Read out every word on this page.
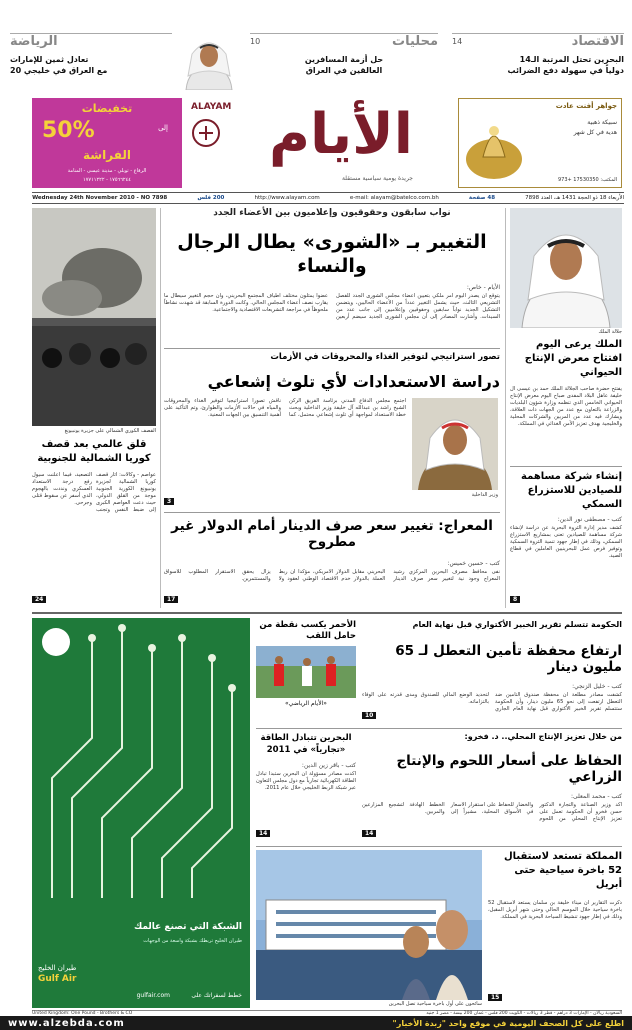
الاقتصاد
14
البحرين تحتل المرتبة الـ14
دولياً في سهولة دفع الضرائب
محليات
10
حل أزمة المسافرين
العالقين في العراق
الرياضة
تعادل ثمين للإمارات
مع العراق في خليجي 20
جواهر أفنت عادت
سبيكة ذهبية
هدية في كل شهر
المكتب: 17530350 +973
الأيام
ALAYAM
جريدة يومية سياسية مستقلة
تخفيضات
إلى
50%
الفراشة
الرفاع - توبلي - مدينة عيسى - المنامة
١٧٥٦٦٢٤٤ - ١٧٧١١٢٢٢
الأربعاء 18 ذو الحجة 1431 هـ، العدد 7898
48 صفحة
e-mail: alayam@batelco.com.bh
http://www.alayam.com
200 فلس
Wednesday 24th November 2010 - NO 7898
نواب سابقون وحقوقيون وإعلاميون بين الأعضاء الجدد
التغيير بـ «الشورى» يطال الرجال والنساء
الأيام - خاص:
يتوقع أن يصدر اليوم أمر ملكي بتعيين أعضاء مجلس الشورى الجدد للفصل التشريعي الثالث، حيث يشمل التغيير عدداً من الأعضاء الحاليين، ويتضمن التشكيل الجديد نواباً سابقين وحقوقيين وإعلاميين إلى جانب عدد من السيدات. وأشارت المصادر إلى أن مجلس الشورى الجديد سيضم أربعين عضواً يمثلون مختلف أطياف المجتمع البحريني، وأن حجم التغيير سيطال ما يقارب نصف أعضاء المجلس الحالي. وكانت الدورة السابقة قد شهدت نشاطاً ملحوظاً في مراجعة التشريعات الاقتصادية والاجتماعية.
جلالة الملك
الملك يرعى اليوم افتتاح معرض الإنتاج الحيواني
يفتتح حضرة صاحب الجلالة الملك حمد بن عيسى آل خليفة عاهل البلاد المفدى صباح اليوم معرض الإنتاج الحيواني الخامس الذي تنظمه وزارة شؤون البلديات والزراعة بالتعاون مع عدد من الجهات ذات العلاقة، ويشارك فيه عدد من المربين والشركات المحلية والخليجية بهدف تعزيز الأمن الغذائي في المملكة.
تصور استراتيجي لتوفير الغذاء والمحروقات في الأزمات
دراسة الاستعدادات لأي تلوث إشعاعي
وزير الداخلية
اجتمع مجلس الدفاع المدني برئاسة الفريق الركن الشيخ راشد بن عبدالله آل خليفة وزير الداخلية وبحث خطة الاستعداد لمواجهة أي تلوث إشعاعي محتمل، كما ناقش تصوراً استراتيجياً لتوفير الغذاء والمحروقات والمياه في حالات الأزمات والطوارئ، وتم التأكيد على أهمية التنسيق بين الجهات المعنية.
3
القصف الكوري الشمالي على جزيرة يونبيونغ
قلق عالمي بعد قصف كوريا الشمالية للجنوبية
عواصم - وكالات: أثار قصف كوريا الشمالية لجزيرة يونبيونغ الكورية الجنوبية موجة من القلق الدولي، حيث دعت العواصم الكبرى إلى ضبط النفس وتجنب التصعيد، فيما أعلنت سيول رفع درجة الاستعداد العسكري ونددت بالهجوم الذي أسفر عن سقوط قتلى وجرحى.
24
المعراج: تغيير سعر صرف الدينار أمام الدولار غير مطروح
كتب - حسين خميس:
نفى محافظ مصرف البحرين المركزي رشيد المعراج وجود نية لتغيير سعر صرف الدينار البحريني مقابل الدولار الأمريكي، مؤكداً أن ربط العملة بالدولار خدم الاقتصاد الوطني لعقود ولا يزال يحقق الاستقرار المطلوب للأسواق والمستثمرين.
17
إنشاء شركة مساهمة للصيادين للاستزراع السمكي
كتب - مصطفى نور الدين:
كشف مدير إدارة الثروة البحرية عن دراسة لإنشاء شركة مساهمة للصيادين تعنى بمشاريع الاستزراع السمكي، وذلك في إطار جهود تنمية الثروة السمكية وتوفير فرص عمل للبحرينيين العاملين في قطاع الصيد.
8
الشبكة التي تصنع عالمك
طيران الخليج تربطك بشبكة واسعة من الوجهات
طيران الخليج
Gulf Air
خطط لسفراتك على
gulfair.com
الأحمر يكسب نقطة من حامل اللقب
«الأيام الرياضي»
الحكومة تتسلم تقرير الخبير الأكتواري قبل نهاية العام
ارتفاع محفظة تأمين التعطل لـ 65 مليون دينار
كتب - خليل الزنجي:
كشفت مصادر مطلعة أن محفظة صندوق التأمين ضد التعطل ارتفعت إلى نحو 65 مليون دينار، وأن الحكومة ستتسلم تقرير الخبير الأكتواري قبل نهاية العام الجاري لتحديد الوضع المالي للصندوق ومدى قدرته على الوفاء بالتزاماته.
10
البحرين تتبادل الطاقة «تجارياً» في 2011
كتب - باقر زين الدين:
أكدت مصادر مسؤولة أن البحرين ستبدأ تبادل الطاقة الكهربائية تجارياً مع دول مجلس التعاون عبر شبكة الربط الخليجي خلال عام 2011.
14
من خلال تعزيز الإنتاج المحلي.. د. فخرو:
الحفاظ على أسعار اللحوم والإنتاج الزراعي
كتب - محمد المعلى:
أكد وزير الصناعة والتجارة الدكتور حسن فخرو أن الحكومة تعمل على تعزيز الإنتاج المحلي من اللحوم والخضار للحفاظ على استقرار الأسعار في الأسواق المحلية، مشيراً إلى الخطط الهادفة لتشجيع المزارعين والمربين.
14
سائحون على أول باخرة سياحية تصل البحرين
المملكة تستعد لاستقبال 52 باخرة سياحية حتى أبريل
ذكرت التقارير أن ميناء خليفة بن سلمان يستعد لاستقبال 52 باخرة سياحية خلال الموسم الحالي وحتى شهر أبريل المقبل، وذلك في إطار جهود تنشيط السياحة البحرية في المملكة.
15
السعودية ريالان - الإمارات 3 دراهم - قطر 3 ريالات - الكويت 200 فلس - عمان 200 بيسة - مصر 1 جنيه
United Kingdom: One Pound - Brothers & CO
اطلع على كل الصحف اليومية في موقع واحد "زبدة الأخبار"
www.alzebda.com
